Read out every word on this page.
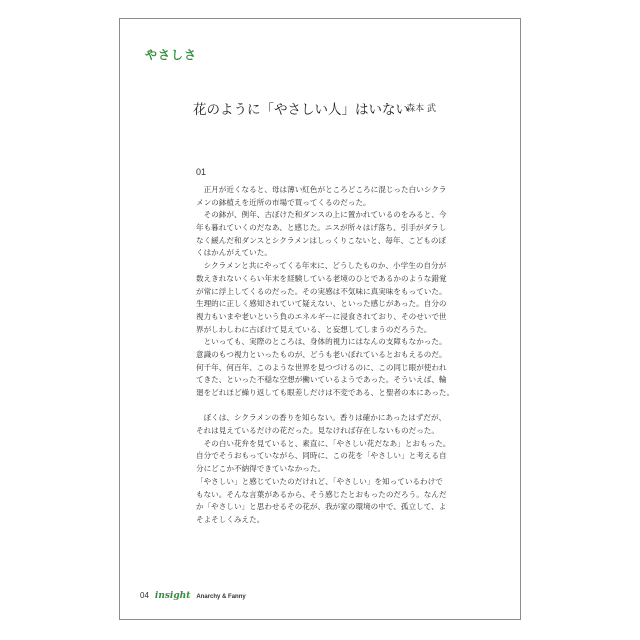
やさしさ
花のように「やさしい人」はいない
森本 武
01
正月が近くなると、母は薄い紅色がところどころに混じった白いシクラ
メンの鉢植えを近所の市場で買ってくるのだった。
その鉢が、例年、古ぼけた和ダンスの上に置かれているのをみると、今
年も暮れていくのだなあ、と感じた。ニスが所々はげ落ち、引手がダラし
なく緩んだ和ダンスとシクラメンはしっくりこないと、毎年、こどものぼ
くはかんがえていた。
シクラメンと共にやってくる年末に、どうしたものか、小学生の自分が
数えきれないくらい年末を経験している老境のひとであるかのような錯覚
が常に浮上してくるのだった。その実感は不気味に真実味をもっていた。
生理的に正しく感知されていて疑えない、といった感じがあった。自分の
視力もいまや老いという負のエネルギーに浸食されており、そのせいで世
界がしわしわに古ぼけて見えている、と妄想してしまうのだろうた。
といっても、実際のところは、身体的視力にはなんの支障もなかった。
意識のもつ視力といったものが、どうも老いぼれているとおもえるのだ。
何千年、何百年、このような世界を見つづけるのに、この同じ眼が使われ
てきた、といった不穏な空想が働いているようであった。そういえば、輪
廻をどれほど繰り返しても眼差しだけは不変である、と聖者の本にあった。
ぼくは、シクラメンの香りを知らない。香りは確かにあったはずだが、
それは見えているだけの花だった。見なければ存在しないものだった。
その白い花弁を見ていると、素直に、「やさしい花だなあ」とおもった。
自分でそうおもっていながら、同時に、この花を「やさしい」と考える自
分にどこか不納得できていなかった。
「やさしい」と感じていたのだけれど、「やさしい」を知っているわけで
もない。そんな言葉があるから、そう感じたとおもったのだろう。なんだ
か「やさしい」と思わせるその花が、我が家の環境の中で、孤立して、よ
そよそしくみえた。
04 insight Anarchy & Fanny
